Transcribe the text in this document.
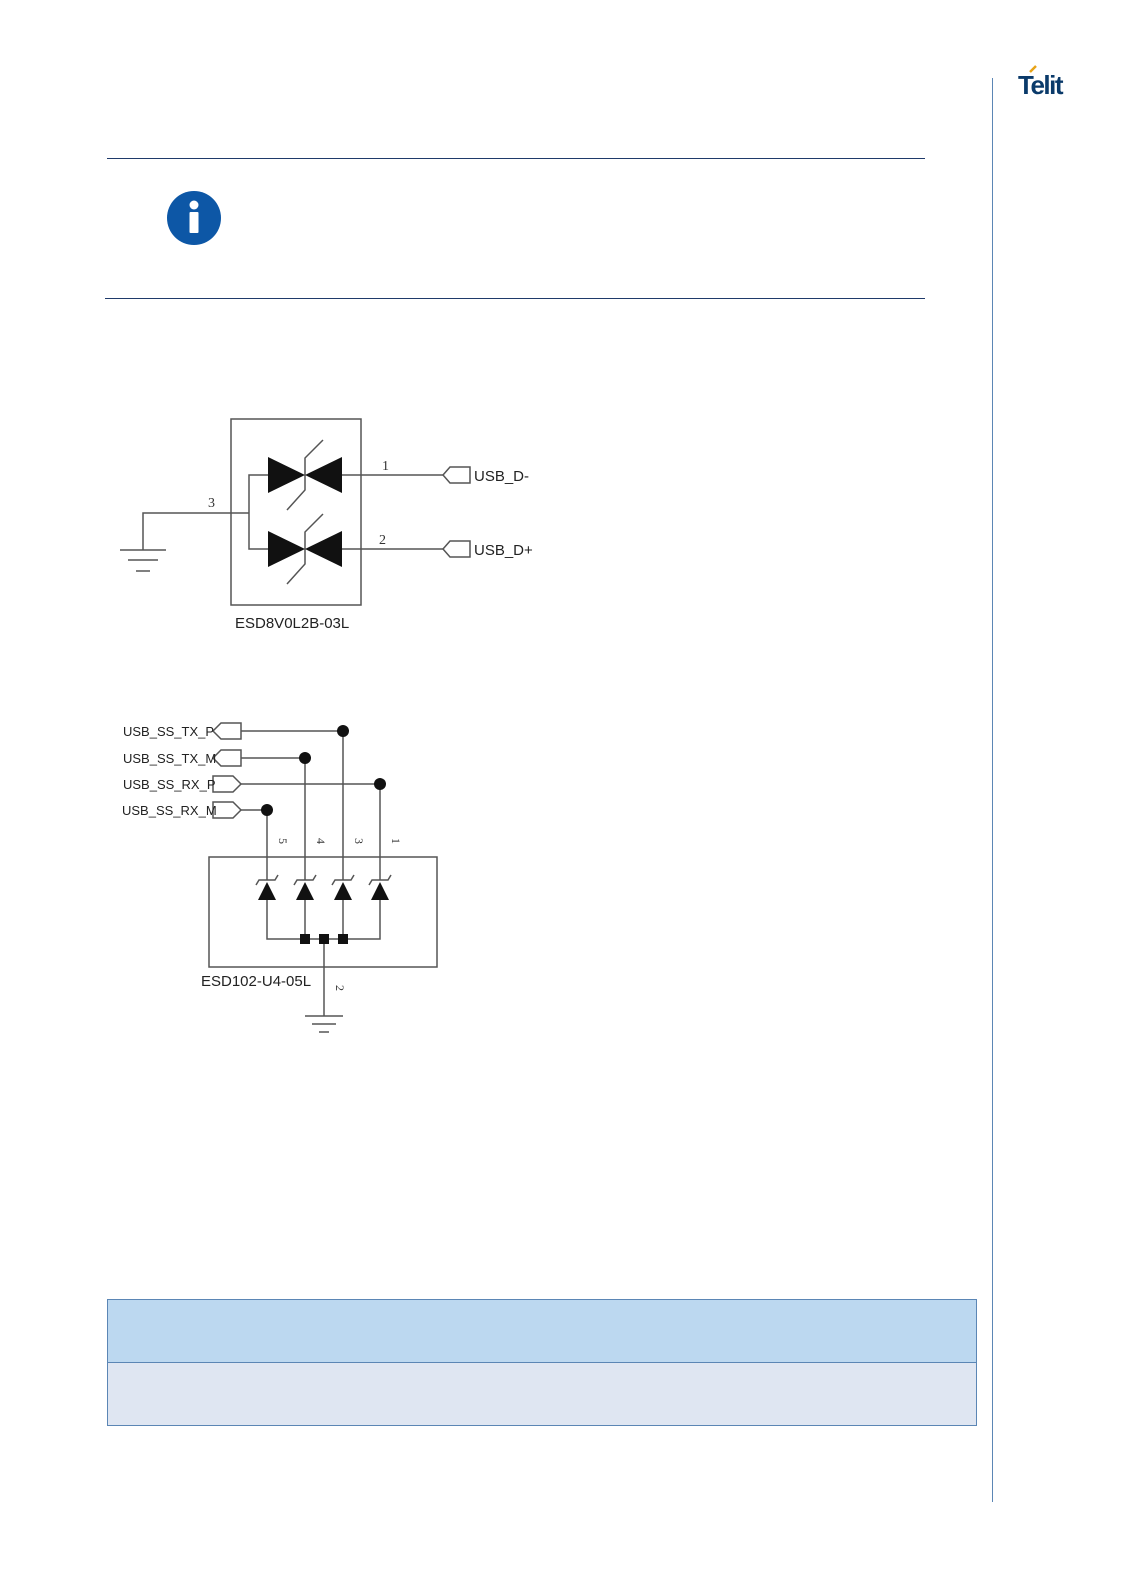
Telit
1
2
3
USB_D-
USB_D+
ESD8V0L2B-03L
USB_SS_TX_P
USB_SS_TX_M
USB_SS_RX_P
USB_SS_RX_M
ESD102-U4-05L
5 4 3 1
2
